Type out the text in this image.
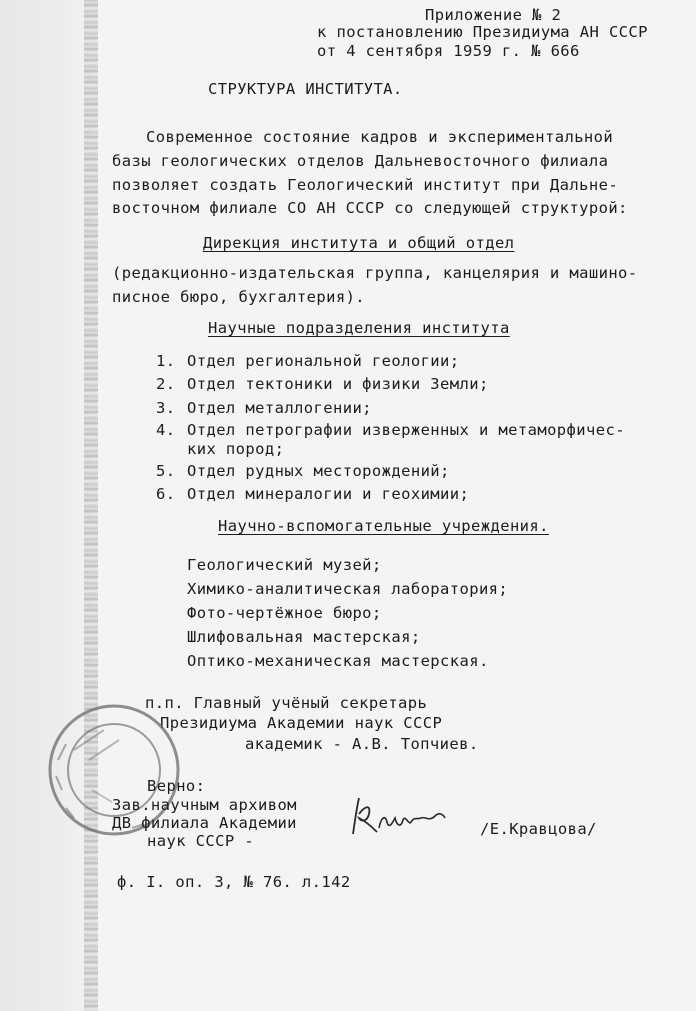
Приложение № 2
к постановлению Президиума АН СССР
от 4 сентября 1959 г. № 666
СТРУКТУРА ИНСТИТУТА.
Современное состояние кадров и экспериментальной
базы геологических отделов Дальневосточного филиала
позволяет создать Геологический институт при Дальне-
восточном филиале СО АН СССР со следующей структурой:
Дирекция института и общий отдел
(редакционно-издательская группа, канцелярия и машино-
писное бюро, бухгалтерия).
Научные подразделения института
1. Отдел региональной геологии;
2. Отдел тектоники и физики Земли;
3. Отдел металлогении;
4. Отдел петрографии изверженных и метаморфичес-
ких пород;
5. Отдел рудных месторождений;
6. Отдел минералогии и геохимии;
Научно-вспомогательные учреждения.
Геологический музей;
Химико-аналитическая лаборатория;
Фото-чертёжное бюро;
Шлифовальная мастерская;
Оптико-механическая мастерская.
п.п. Главный учёный секретарь
Президиума Академии наук СССР
академик - А.В. Топчиев.
Верно:
Зав.научным архивом
ДВ филиала Академии
наук СССР -
/Е.Кравцова/
ф. I. оп. 3, № 76. л.142
